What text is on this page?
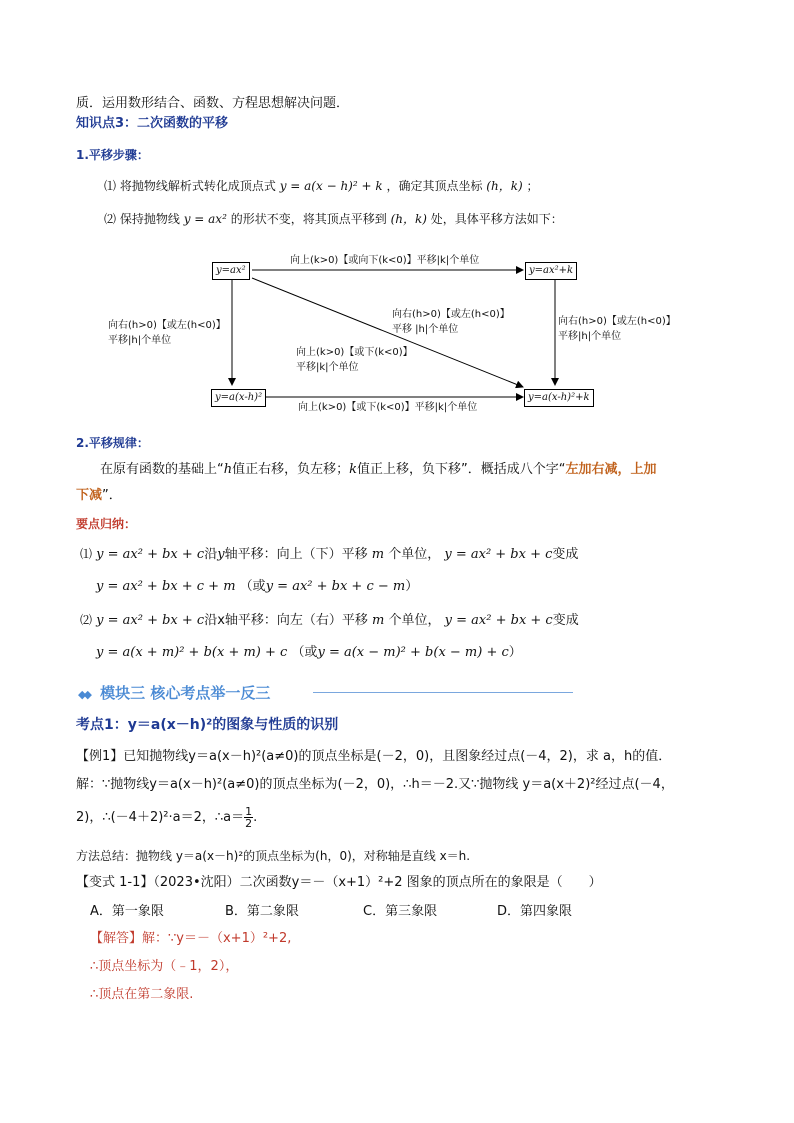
质．运用数形结合、函数、方程思想解决问题．
知识点3：二次函数的平移
1.平移步骤：
⑴ 将抛物线解析式转化成顶点式 y = a(x − h)² + k ，确定其顶点坐标 (h，k) ；
⑵ 保持抛物线 y = ax² 的形状不变，将其顶点平移到 (h，k) 处，具体平移方法如下：
y=ax²	y=ax²+k
y=a(x-h)²	y=a(x-h)²+k
向上(k>0)【或向下(k<0)】平移|k|个单位
向上(k>0)【或下(k<0)】平移|k|个单位
向右(h>0)【或左(h<0)】
平移|h|个单位
向右(h>0)【或左(h<0)】
平移|h|个单位
向右(h>0)【或左(h<0)】
平移 |h|个单位
向上(k>0)【或下(k<0)】
平移|k|个单位
2.平移规律：
在原有函数的基础上“h值正右移，负左移；k值正上移，负下移”．概括成八个字“左加右减，上加
下减”．
要点归纳：
⑴ y = ax² + bx + c沿y轴平移：向上（下）平移 m 个单位， y = ax² + bx + c变成
y = ax² + bx + c + m （或y = ax² + bx + c − m）
⑵ y = ax² + bx + c沿x轴平移：向左（右）平移 m 个单位， y = ax² + bx + c变成
y = a(x + m)² + b(x + m) + c （或y = a(x − m)² + b(x − m) + c）
◆◆ 模块三 核心考点举一反三
考点1：y＝a(x－h)²的图象与性质的识别
【例1】已知抛物线y＝a(x－h)²(a≠0)的顶点坐标是(－2，0)，且图象经过点(－4，2)，求 a，h的值．
解：∵抛物线y＝a(x－h)²(a≠0)的顶点坐标为(－2，0)，∴h＝－2.又∵抛物线 y＝a(x＋2)²经过点(－4，
2)，∴(－4＋2)²·a＝2，∴a＝ $\frac{1}{2}$ .
方法总结：抛物线 y＝a(x－h)²的顶点坐标为(h，0)，对称轴是直线 x＝h.
【变式 1-1】（2023•沈阳）二次函数y＝－（x+1）²+2 图象的顶点所在的象限是（　　）
A．第一象限	B．第二象限	C．第三象限	D．第四象限
【解答】解：∵y＝－（x+1）²+2,
∴顶点坐标为（﹣1，2），
∴顶点在第二象限.
